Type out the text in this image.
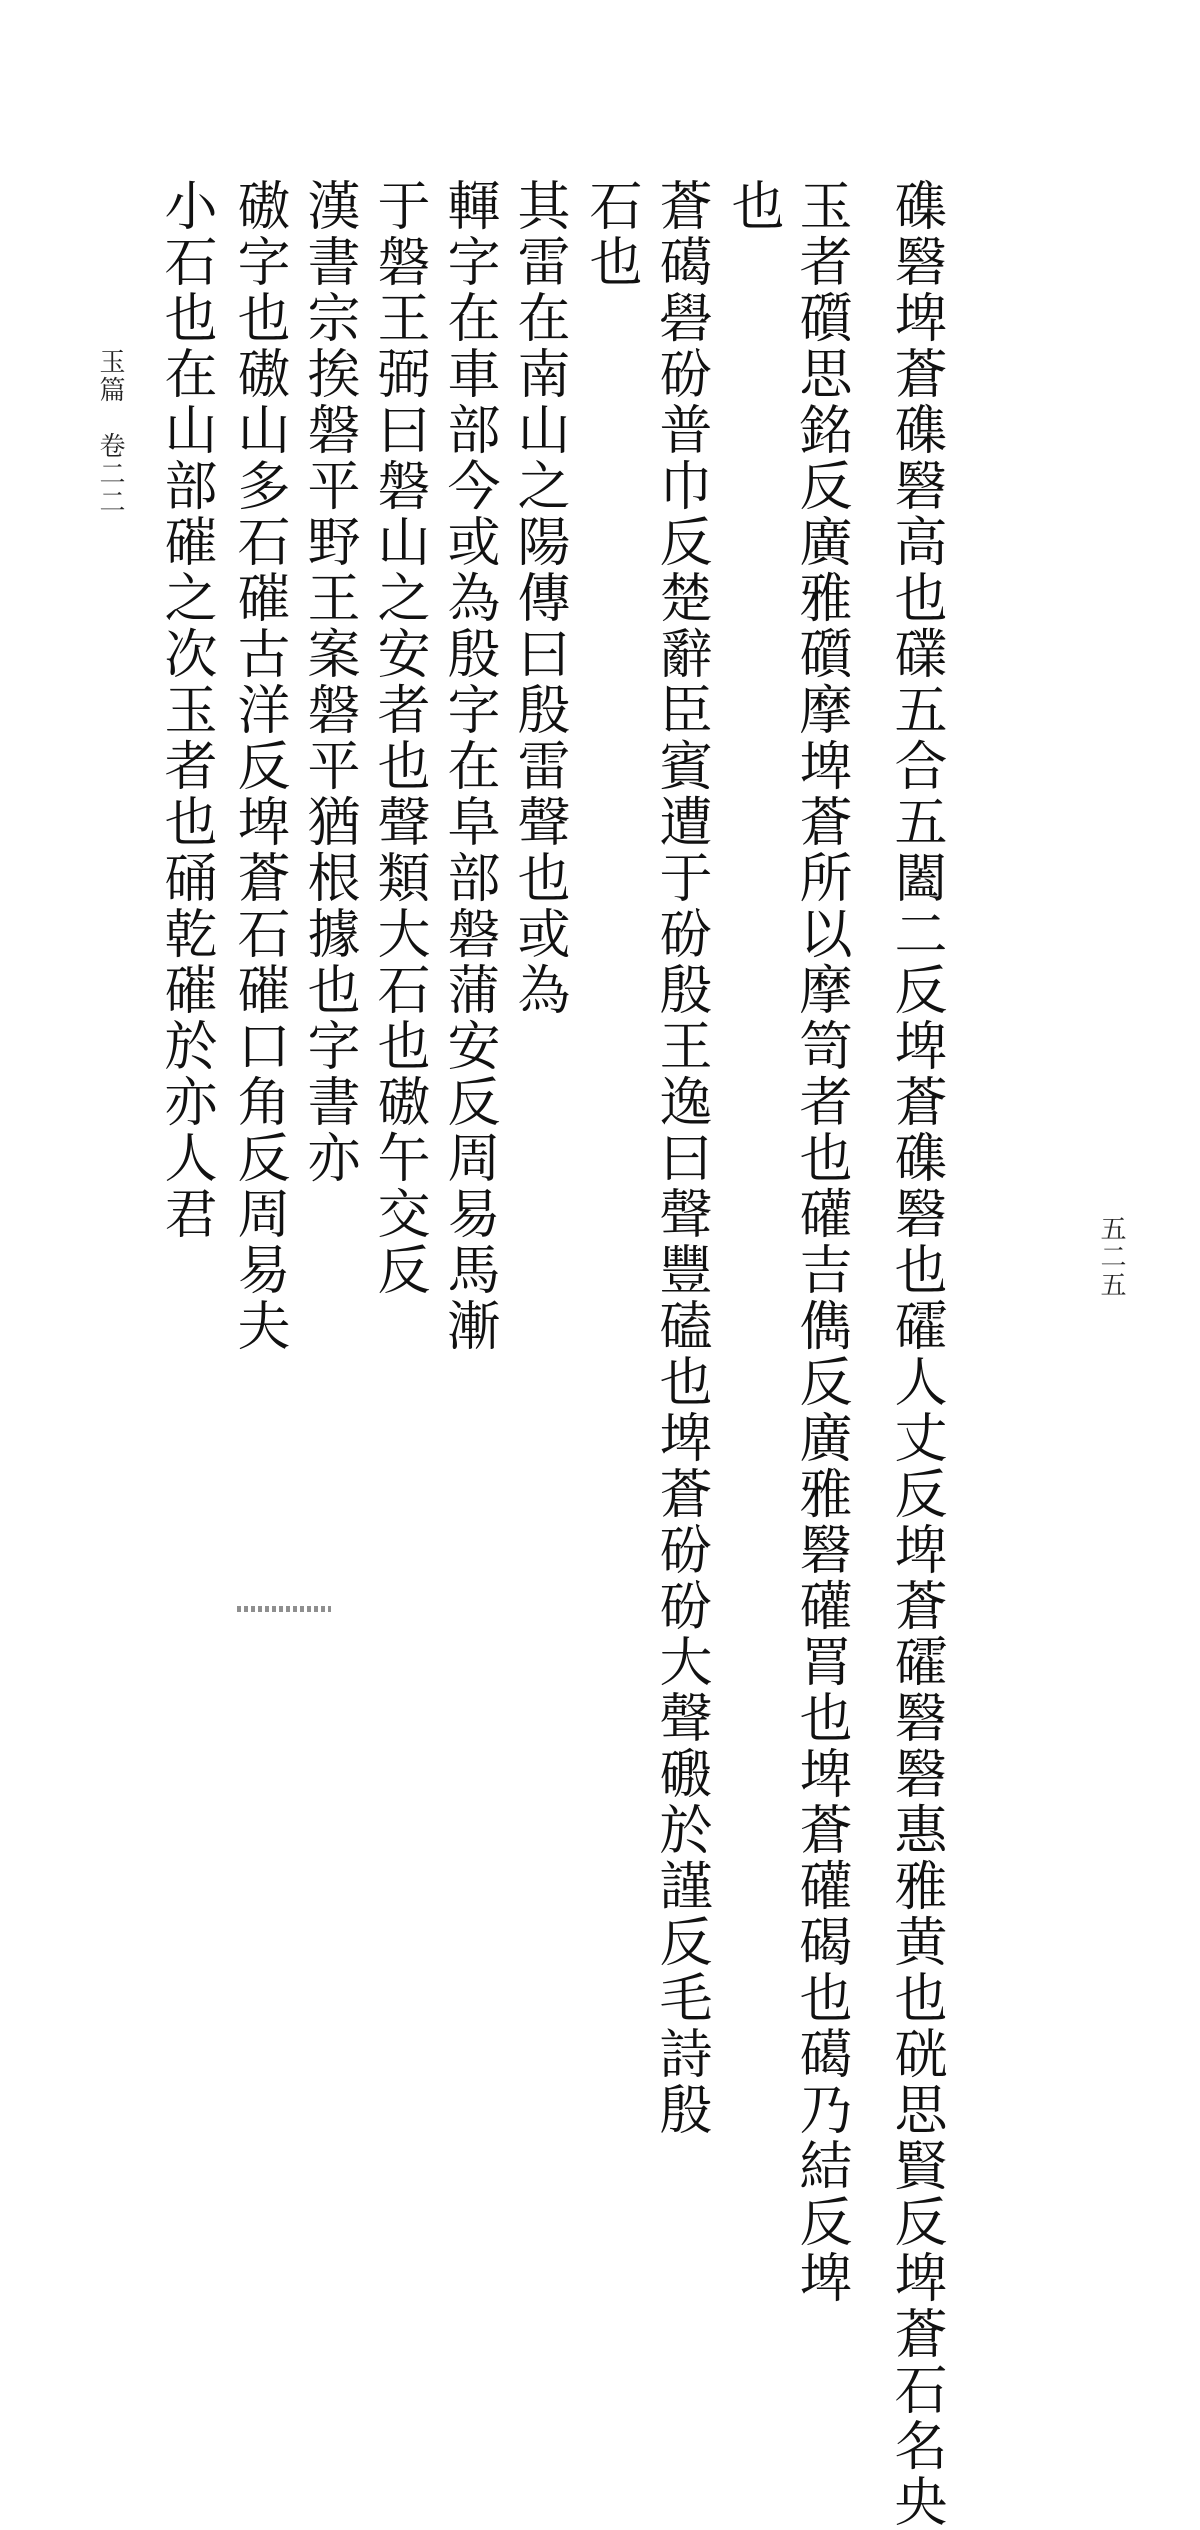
玉篇　卷二二	磼䃜埤蒼磼䃜高也礏五合五闔二反埤蒼磼䃜也礭人丈反埤蒼礭䃜䃜惠雅黄也硄思賢反埤蒼石名央
玉者礩思銘反廣雅礩摩埤蒼所以摩笥者也礶吉儁反廣雅䃜礶罥也埤蒼礶碣也礍乃結反埤
也
蒼礍礐砏普巾反楚辭臣賓遭于砏殷王逸曰聲豐磕也埤蒼砏砏大聲磤於謹反毛詩殷
石也
其雷在南山之陽傳曰殷雷聲也或為
䡣字在車部今或為殷字在阜部磐蒲安反周易馬漸
于磐王弼曰磐山之安者也聲類大石也磝午交反
漢書宗挨磐平野王案磐平猶根據也字書亦
磝字也磝山多石磪古洋反埤蒼石磪口角反周易夫
小石也在山部磪之次玉者也硧乾磪於亦人君
五二五
